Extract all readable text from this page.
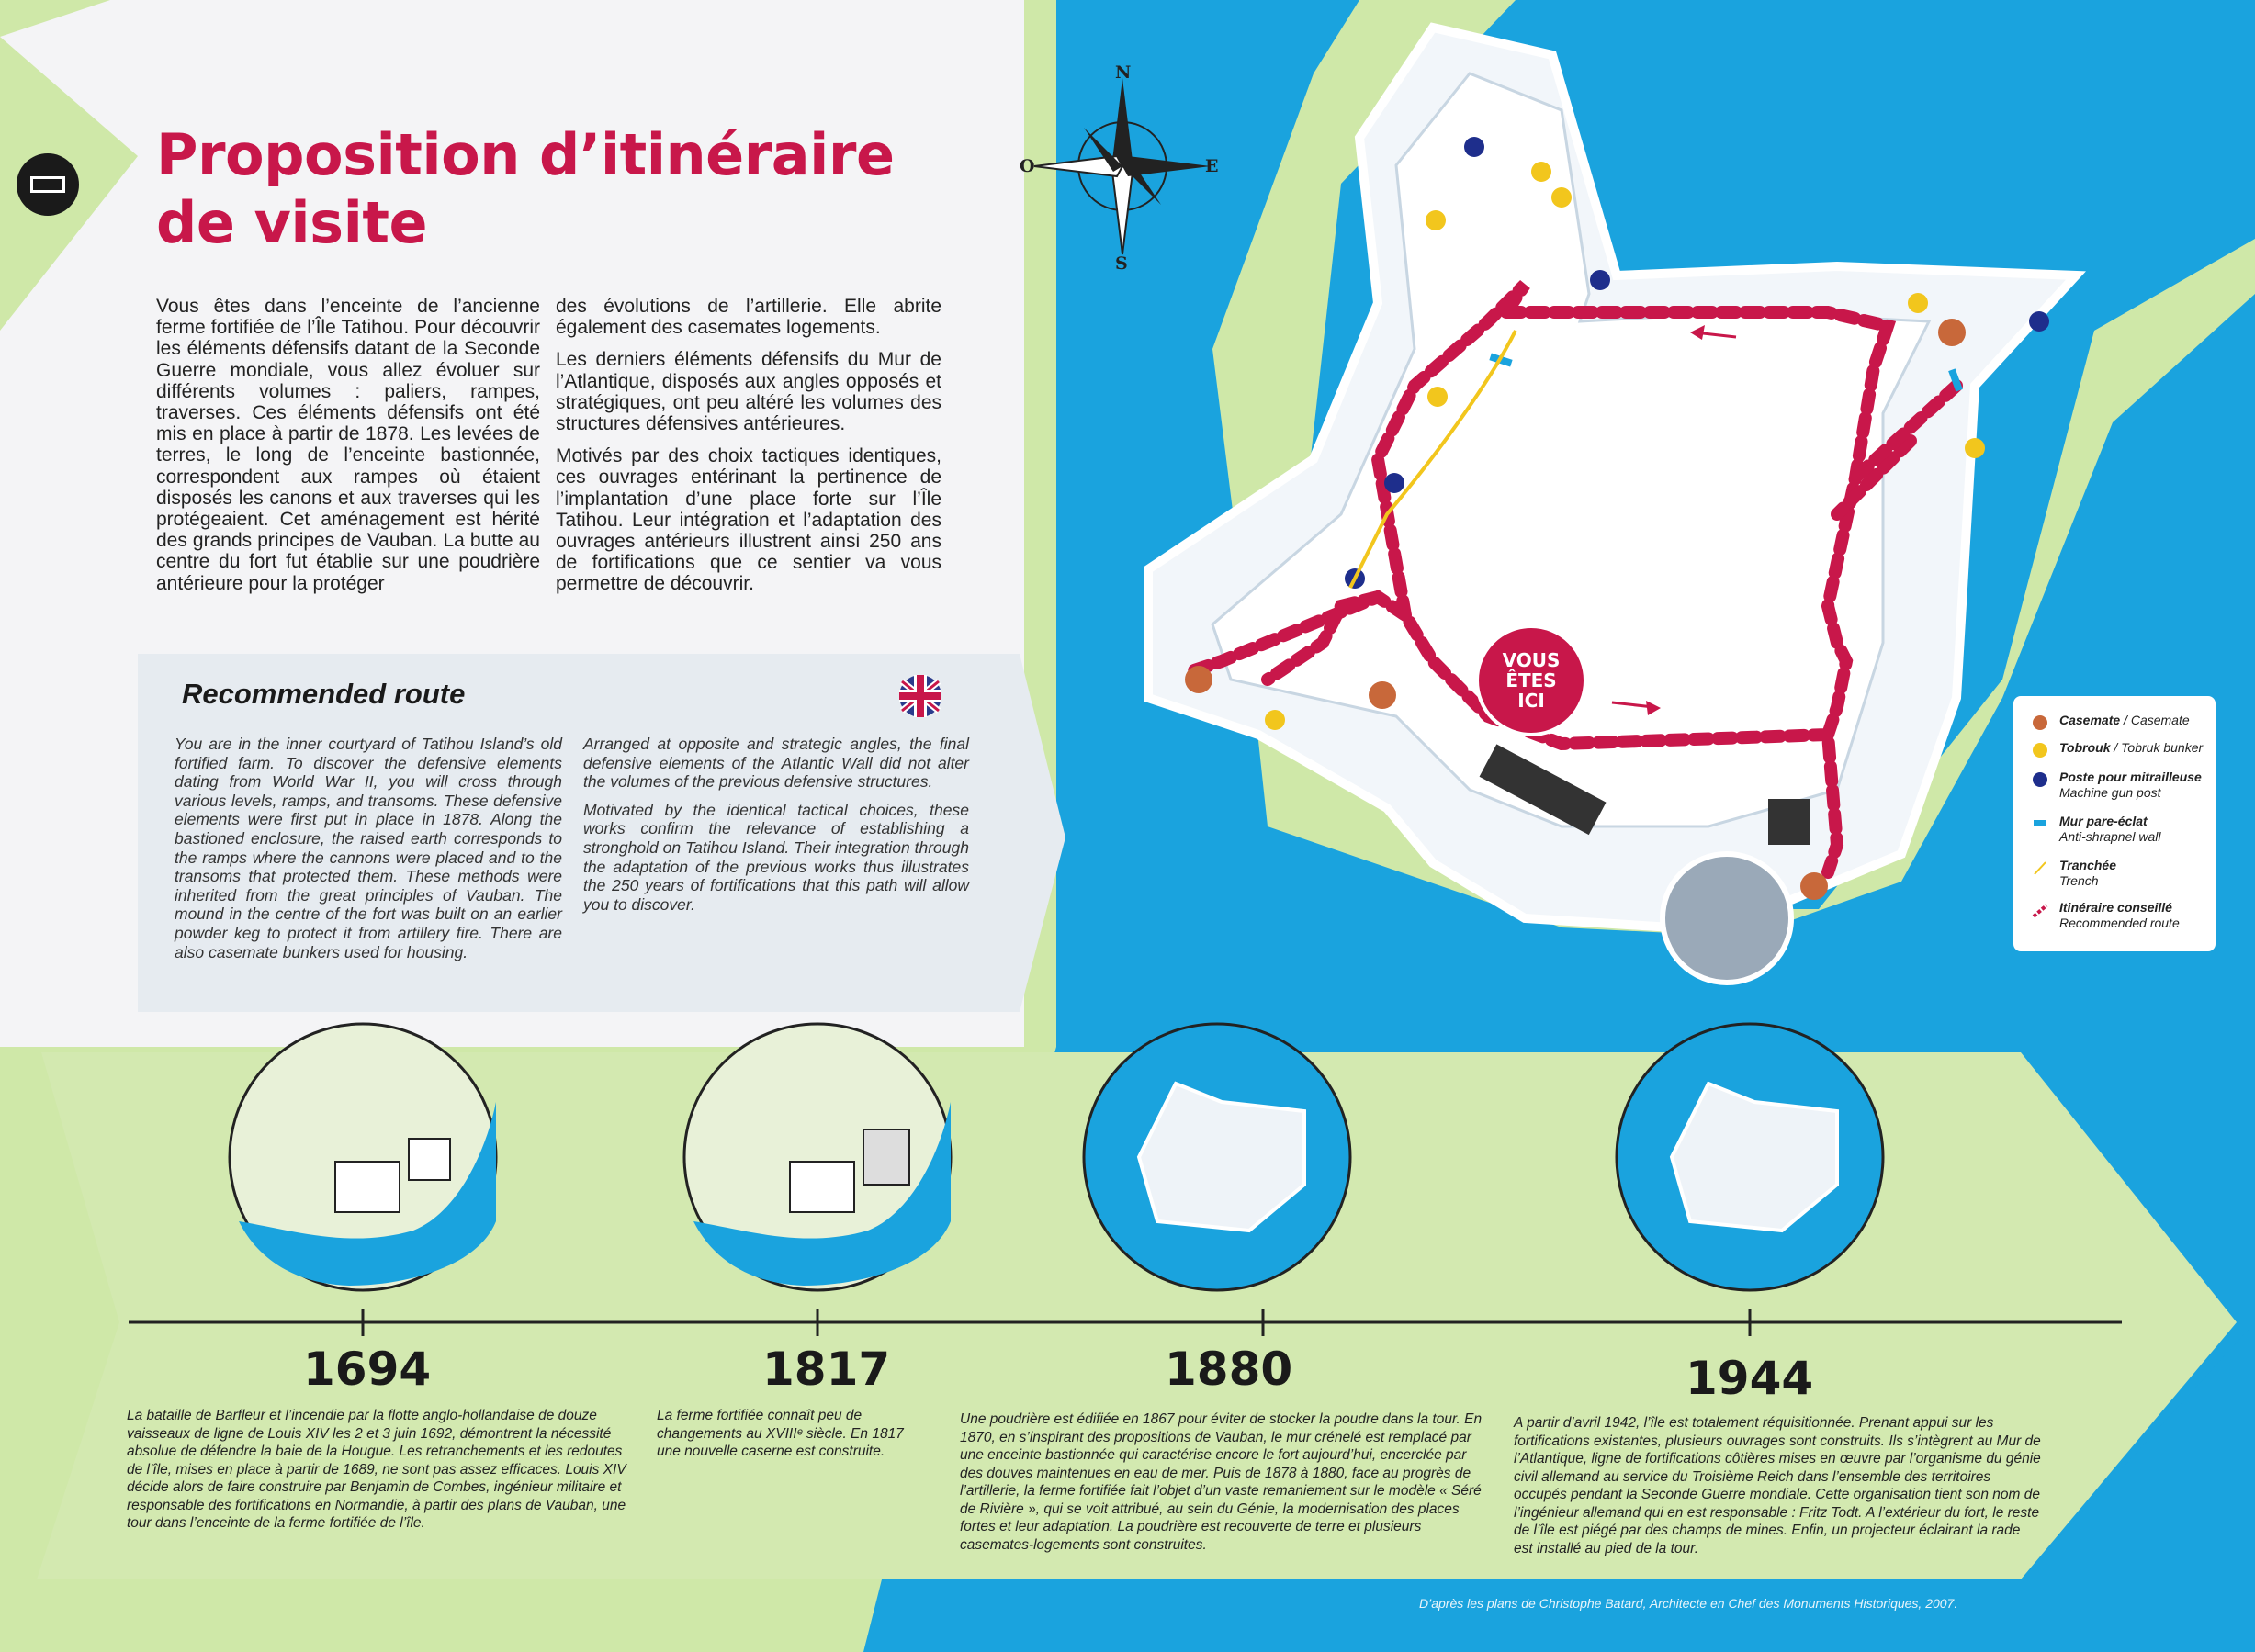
Proposition d’itinéraire
de visite

Vous êtes dans l’enceinte de l’ancienne ferme fortifiée de l’Île Tatihou. Pour découvrir les éléments défensifs datant de la Seconde Guerre mondiale, vous allez évoluer sur différents volumes : paliers, rampes, traverses. Ces éléments défensifs ont été mis en place à partir de 1878. Les levées de terres, le long de l’enceinte bastionnée, correspondent aux rampes où étaient disposés les canons et aux traverses qui les protégeaient. Cet aménagement est hérité des grands principes de Vauban. La butte au centre du fort fut établie sur une poudrière antérieure pour la protéger

des évolutions de l’artillerie. Elle abrite également des casemates logements.

Les derniers éléments défensifs du Mur de l’Atlantique, disposés aux angles opposés et stratégiques, ont peu altéré les volumes des structures défensives antérieures.

Motivés par des choix tactiques identiques, ces ouvrages entérinant la pertinence de l’implantation d’une place forte sur l’Île Tatihou. Leur intégration et l’adaptation des ouvrages antérieurs illustrent ainsi 250 ans de fortifications que ce sentier va vous permettre de découvrir.

Recommended route

You are in the inner courtyard of Tatihou Island’s old fortified farm. To discover the defensive elements dating from World War II, you will cross through various levels, ramps, and transoms. These defensive elements were first put in place in 1878. Along the bastioned enclosure, the raised earth corresponds to the ramps where the cannons were placed and to the transoms that protected them. These methods were inherited from the great principles of Vauban. The mound in the centre of the fort was built on an earlier powder keg to protect it from artillery fire. There are also casemate bunkers used for housing.

Arranged at opposite and strategic angles, the final defensive elements of the Atlantic Wall did not alter the volumes of the previous defensive structures.

Motivated by the identical tactical choices, these works confirm the relevance of establishing a stronghold on Tatihou Island. Their integration through the adaptation of the previous works thus illustrates the 250 years of fortifications that this path will allow you to discover.

N
S
E
O
VOUS
ÊTES
ICI
Casemate / Casemate
Tobrouk / Tobruk bunker
Poste pour mitrailleuse
Machine gun post
Mur pare-éclat
Anti-shrapnel wall
Tranchée
Trench
Itinéraire conseillé
Recommended route
1694	1817	1880	1944
La bataille de Barfleur et l’incendie par la flotte anglo-hollandaise de douze vaisseaux de ligne de Louis XIV les 2 et 3 juin 1692, démontrent la nécessité absolue de défendre la baie de la Hougue. Les retranchements et les redoutes de l’île, mises en place à partir de 1689, ne sont pas assez efficaces. Louis XIV décide alors de faire construire par Benjamin de Combes, ingénieur militaire et responsable des fortifications en Normandie, à partir des plans de Vauban, une tour dans l’enceinte de la ferme fortifiée de l’île.
La ferme fortifiée connaît peu de changements au XVIIIᵉ siècle. En 1817 une nouvelle caserne est construite.
Une poudrière est édifiée en 1867 pour éviter de stocker la poudre dans la tour. En 1870, en s’inspirant des propositions de Vauban, le mur crénelé est remplacé par une enceinte bastionnée qui caractérise encore le fort aujourd’hui, encerclée par des douves maintenues en eau de mer. Puis de 1878 à 1880, face au progrès de l’artillerie, la ferme fortifiée fait l’objet d’un vaste remaniement sur le modèle « Séré de Rivière », qui se voit attribué, au sein du Génie, la modernisation des places fortes et leur adaptation. La poudrière est recouverte de terre et plusieurs casemates-logements sont construites.
A partir d’avril 1942, l’île est totalement réquisitionnée. Prenant appui sur les fortifications existantes, plusieurs ouvrages sont construits. Ils s’intègrent au Mur de l’Atlantique, ligne de fortifications côtières mises en œuvre par l’organisme du génie civil allemand au service du Troisième Reich dans l’ensemble des territoires occupés pendant la Seconde Guerre mondiale. Cette organisation tient son nom de l’ingénieur allemand qui en est responsable : Fritz Todt. A l’extérieur du fort, le reste de l’île est piégé par des champs de mines. Enfin, un projecteur éclairant la rade est installé au pied de la tour.
D’après les plans de Christophe Batard, Architecte en Chef des Monuments Historiques, 2007.
